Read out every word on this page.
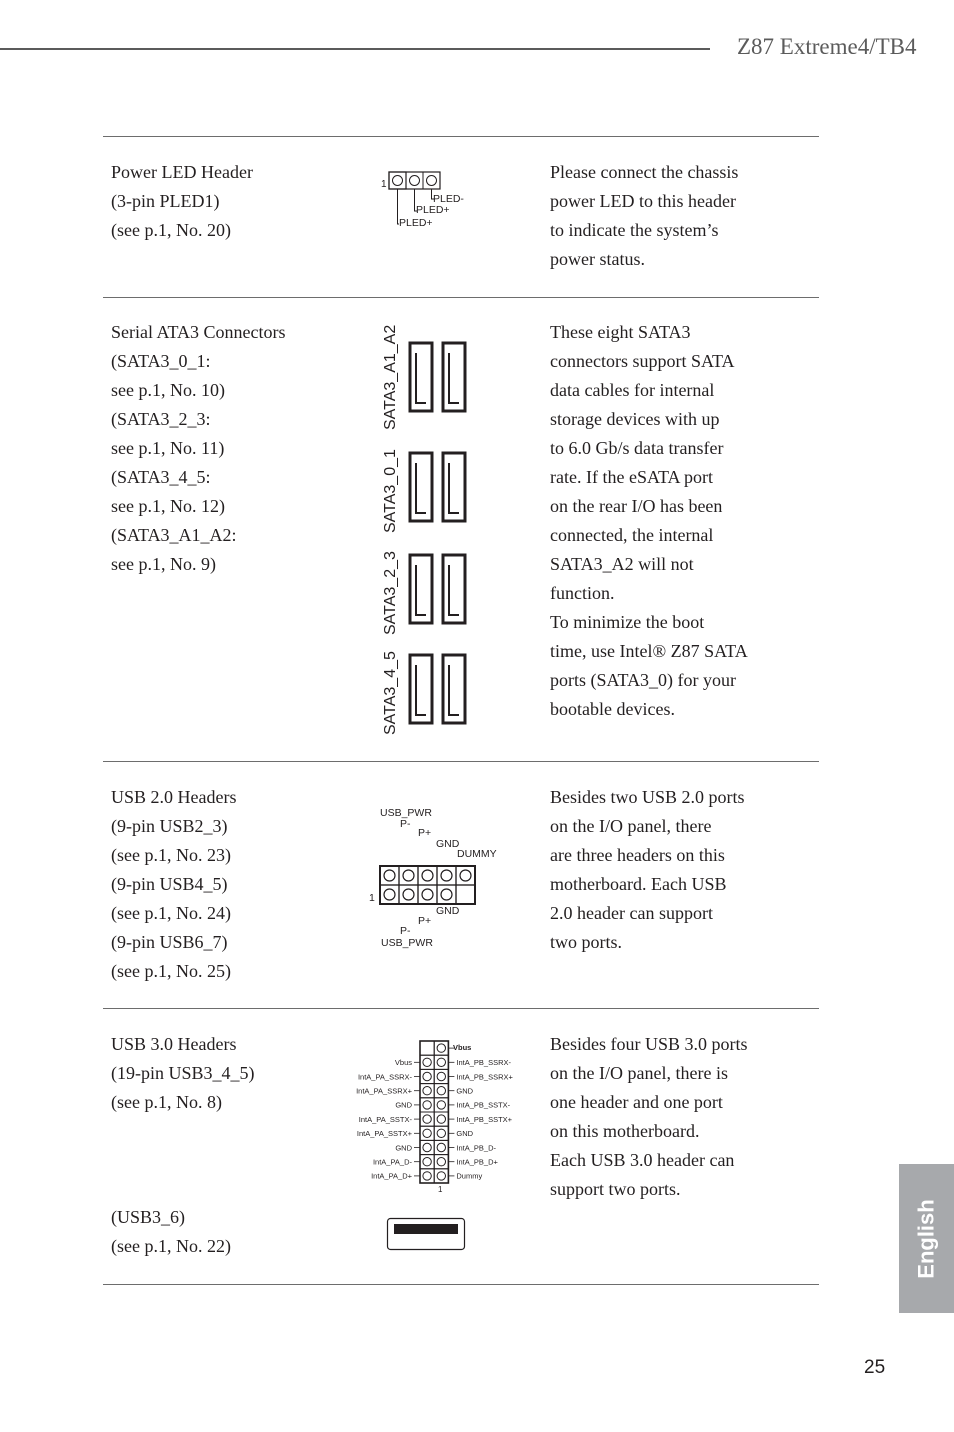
Z87 Extreme4/TB4
Power LED Header
(3-pin PLED1)
(see p.1, No. 20)
Please connect the chassis
power LED to this header
to indicate the system’s
power status.
1
PLED-
PLED+
PLED+
Serial ATA3 Connectors
(SATA3_0_1:
see p.1, No. 10)
(SATA3_2_3:
see p.1, No. 11)
(SATA3_4_5:
see p.1, No. 12)
(SATA3_A1_A2:
see p.1, No. 9)
These eight SATA3
connectors support SATA
data cables for internal
storage devices with up
to 6.0 Gb/s data transfer
rate. If the eSATA port
on the rear I/O has been
connected, the internal
SATA3_A2 will not
function.
To minimize the boot
time, use Intel® Z87 SATA
ports (SATA3_0) for your
bootable devices.
SATA3_A1_A2
SATA3_0_1
SATA3_2_3
SATA3_4_5
USB 2.0 Headers
(9-pin USB2_3)
(see p.1, No. 23)
(9-pin USB4_5)
(see p.1, No. 24)
(9-pin USB6_7)
(see p.1, No. 25)
Besides two USB 2.0 ports
on the I/O panel, there
are three headers on this
motherboard. Each USB
2.0 header can support
two ports.
USB_PWR
P-
P+
GND
DUMMY
1
GND
P+
P-
USB_PWR
USB 3.0 Headers
(19-pin USB3_4_5)
(see p.1, No. 8)
(USB3_6)
(see p.1, No. 22)
Besides four USB 3.0 ports
on the I/O panel, there is
one header and one port
on this motherboard.
Each USB 3.0 header can
support two ports.
Vbus
Vbus
IntA_PA_SSRX-
IntA_PA_SSRX+
GND
IntA_PA_SSTX-
IntA_PA_SSTX+
GND
IntA_PA_D-
IntA_PA_D+
IntA_PB_SSRX-
IntA_PB_SSRX+
GND
IntA_PB_SSTX-
IntA_PB_SSTX+
GND
IntA_PB_D-
IntA_PB_D+
Dummy
1
English
25
